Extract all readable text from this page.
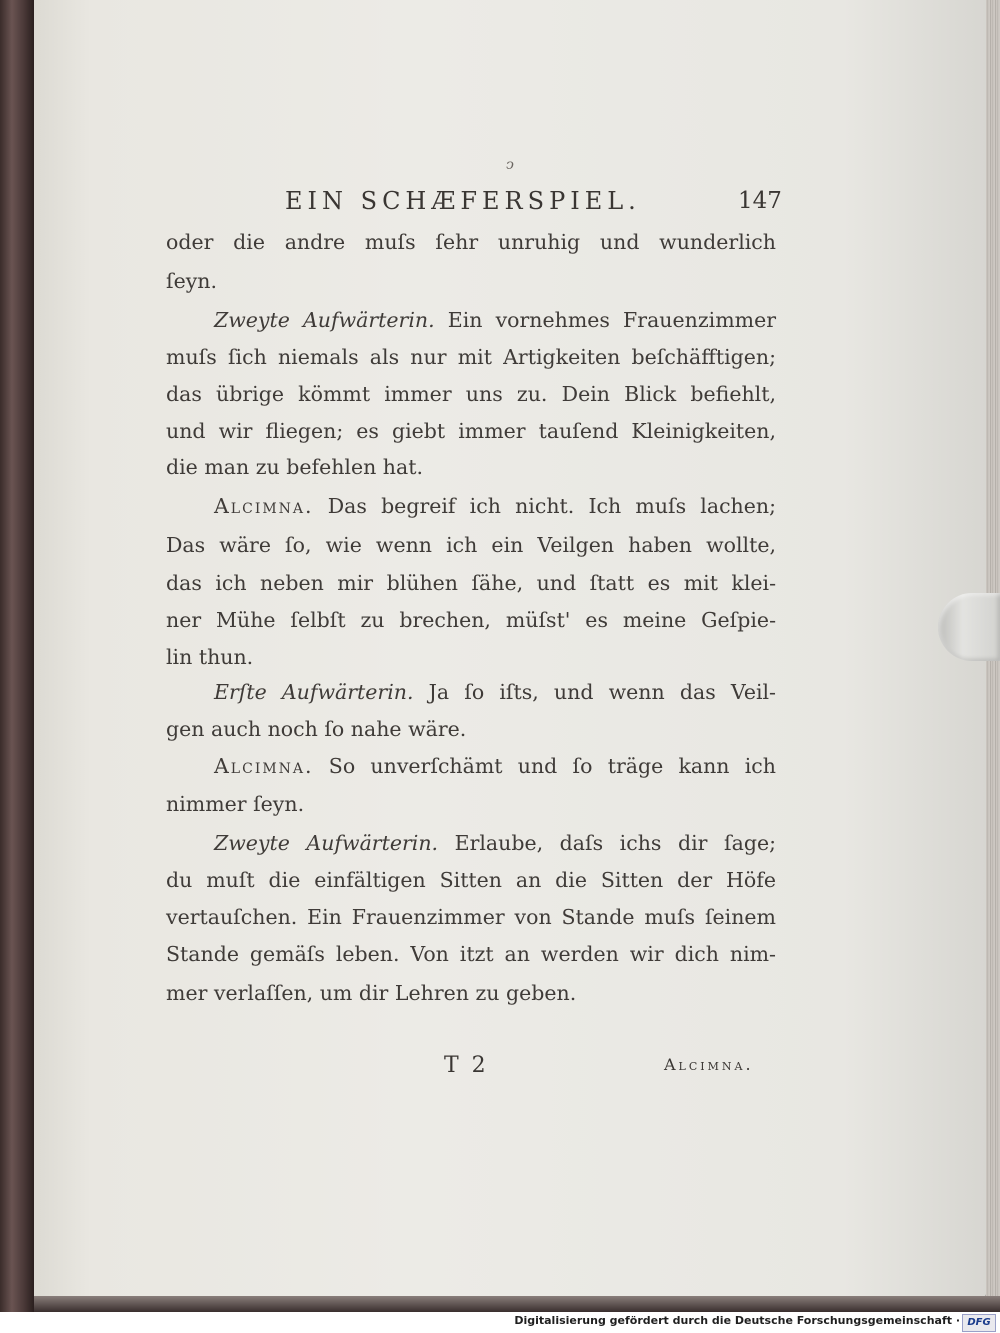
ͻ
EIN SCHÆFERSPIEL.	147
oder die andre muſs ſehr unruhig und wunderlich
ſeyn.
Zweyte Aufwärterin. Ein vornehmes Frauenzimmer
muſs ſich niemals als nur mit Artigkeiten beſchäfftigen;
das übrige kömmt immer uns zu. Dein Blick befiehlt,
und wir fliegen; es giebt immer tauſend Kleinigkeiten,
die man zu befehlen hat.
Alcimna. Das begreif ich nicht. Ich muſs lachen;
Das wäre ſo, wie wenn ich ein Veilgen haben wollte,
das ich neben mir blühen ſähe, und ſtatt es mit klei-
ner Mühe ſelbſt zu brechen, müſst' es meine Geſpie-
lin thun.
Erſte Aufwärterin. Ja ſo iſts, und wenn das Veil-
gen auch noch ſo nahe wäre.
Alcimna. So unverſchämt und ſo träge kann ich
nimmer ſeyn.
Zweyte Aufwärterin. Erlaube, daſs ichs dir ſage;
du muſt die einfältigen Sitten an die Sitten der Höfe
vertauſchen. Ein Frauenzimmer von Stande muſs ſeinem
Stande gemäſs leben. Von itzt an werden wir dich nim-
mer verlaſſen, um dir Lehren zu geben.
T 2	Alcimna.
Digitalisierung gefördert durch die Deutsche Forschungsgemeinschaft · DFG
